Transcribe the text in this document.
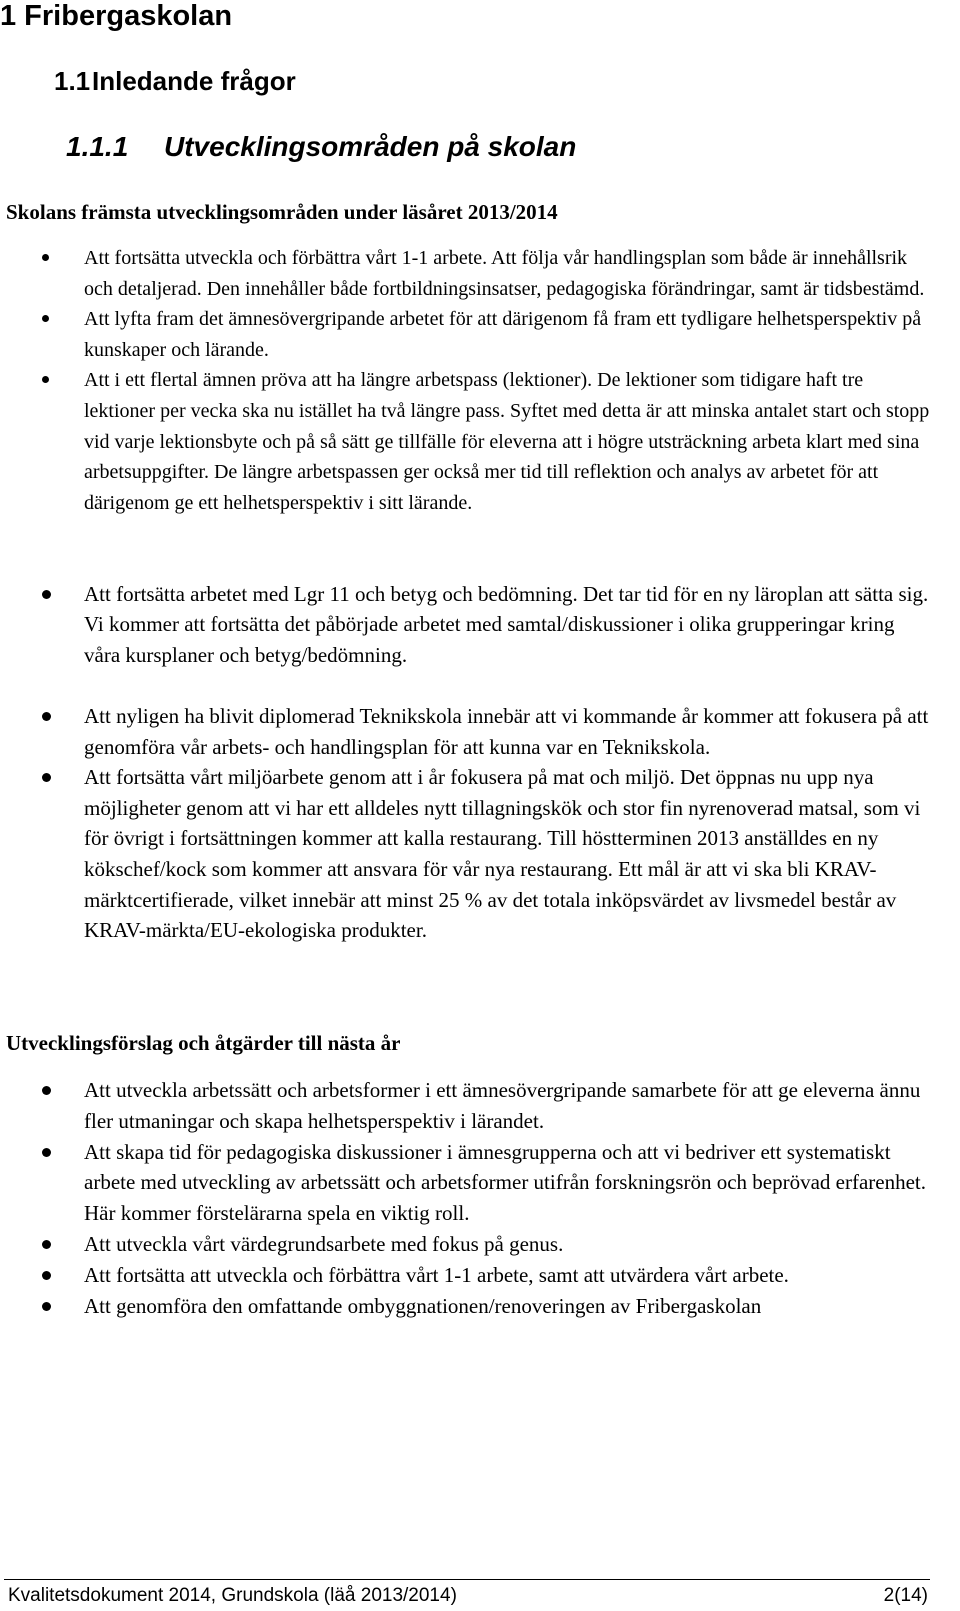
1 Fribergaskolan
1.1Inledande frågor
1.1.1 Utvecklingsområden på skolan

Skolans främsta utvecklingsområden under läsåret 2013/2014

Att fortsätta utveckla och förbättra vårt 1-1 arbete. Att följa vår handlingsplan som både är innehållsrik och detaljerad. Den innehåller både fortbildningsinsatser, pedagogiska förändringar, samt är tidsbestämd.
Att lyfta fram det ämnesövergripande arbetet för att därigenom få fram ett tydligare helhetsperspektiv på kunskaper och lärande.
Att i ett flertal ämnen pröva att ha längre arbetspass (lektioner). De lektioner som tidigare haft tre lektioner per vecka ska nu istället ha två längre pass. Syftet med detta är att minska antalet start och stopp vid varje lektionsbyte och på så sätt ge tillfälle för eleverna att i högre utsträckning arbeta klart med sina arbetsuppgifter. De längre arbetspassen ger också mer tid till reflektion och analys av arbetet för att därigenom ge ett helhetsperspektiv i sitt lärande.
Att fortsätta arbetet med Lgr 11 och betyg och bedömning. Det tar tid för en ny läroplan att sätta sig. Vi kommer att fortsätta det påbörjade arbetet med samtal/diskussioner i olika grupperingar kring våra kursplaner och betyg/bedömning.
Att nyligen ha blivit diplomerad Teknikskola innebär att vi kommande år kommer att fokusera på att genomföra vår arbets- och handlingsplan för att kunna var en Teknikskola.
Att fortsätta vårt miljöarbete genom att i år fokusera på mat och miljö. Det öppnas nu upp nya möjligheter genom att vi har ett alldeles nytt tillagningskök och stor fin nyrenoverad matsal, som vi för övrigt i fortsättningen kommer att kalla restaurang. Till höstterminen 2013 anställdes en ny kökschef/kock som kommer att ansvara för vår nya restaurang. Ett mål är att vi ska bli KRAV-märktcertifierade, vilket innebär att minst 25 % av det totala inköpsvärdet av livsmedel består av KRAV-märkta/EU-ekologiska produkter.

Utvecklingsförslag och åtgärder till nästa år

Att utveckla arbetssätt och arbetsformer i ett ämnesövergripande samarbete för att ge eleverna ännu fler utmaningar och skapa helhetsperspektiv i lärandet.
Att skapa tid för pedagogiska diskussioner i ämnesgrupperna och att vi bedriver ett systematiskt arbete med utveckling av arbetssätt och arbetsformer utifrån forskningsrön och beprövad erfarenhet. Här kommer förstelärarna spela en viktig roll.
Att utveckla vårt värdegrundsarbete med fokus på genus.
Att fortsätta att utveckla och förbättra vårt 1-1 arbete, samt att utvärdera vårt arbete.
Att genomföra den omfattande ombyggnationen/renoveringen av Fribergaskolan
Kvalitetsdokument 2014, Grundskola (läå 2013/2014)	2(14)
